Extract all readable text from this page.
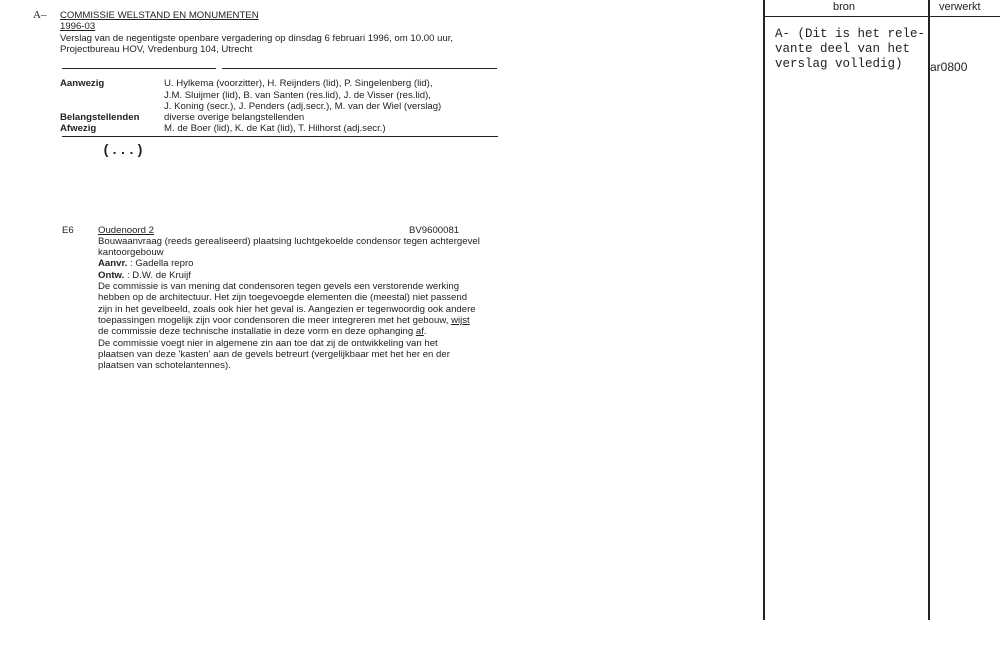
A– COMMISSIE WELSTAND EN MONUMENTEN
1996-03
Verslag van de negentigste openbare vergadering op dinsdag 6 februari 1996, om 10.00 uur,
Projectbureau HOV, Vredenburg 104, Utrecht
Aanwezig	U. Hylkema (voorzitter), H. Reijnders (lid), P. Singelenberg (lid),
J.M. Sluijmer (lid), B. van Santen (res.lid), J. de Visser (res.lid),
J. Koning (secr.), J. Penders (adj.secr.), M. van der Wiel (verslag)
Belangstellenden	diverse overige belangstellenden
Afwezig	M. de Boer (lid), K. de Kat (lid), T. Hilhorst (adj.secr.)
(...)
E6	Oudenoord 2	BV9600081
Bouwaanvraag (reeds gerealiseerd) plaatsing luchtgekoelde condensor tegen achtergevel
kantoorgebouw
Aanvr. : Gadella repro
Ontw. : D.W. de Kruijf
De commissie is van mening dat condensoren tegen gevels een verstorende werking
hebben op de architectuur. Het zijn toegevoegde elementen die (meestal) niet passend
zijn in het gevelbeeld, zoals ook hier het geval is. Aangezien er tegenwoordig ook andere
toepassingen mogelijk zijn voor condensoren die meer integreren met het gebouw, wijst
de commissie deze technische installatie in deze vorm en deze ophanging af.
De commissie voegt nier in algemene zin aan toe dat zij de ontwikkeling van het
plaatsen van deze 'kasten' aan de gevels betreurt (vergelijkbaar met het her en der
plaatsen van schotelantennes).
bron	verwerkt
A- (Dit is het rele-
vante deel van het
verslag volledig) ar0800
